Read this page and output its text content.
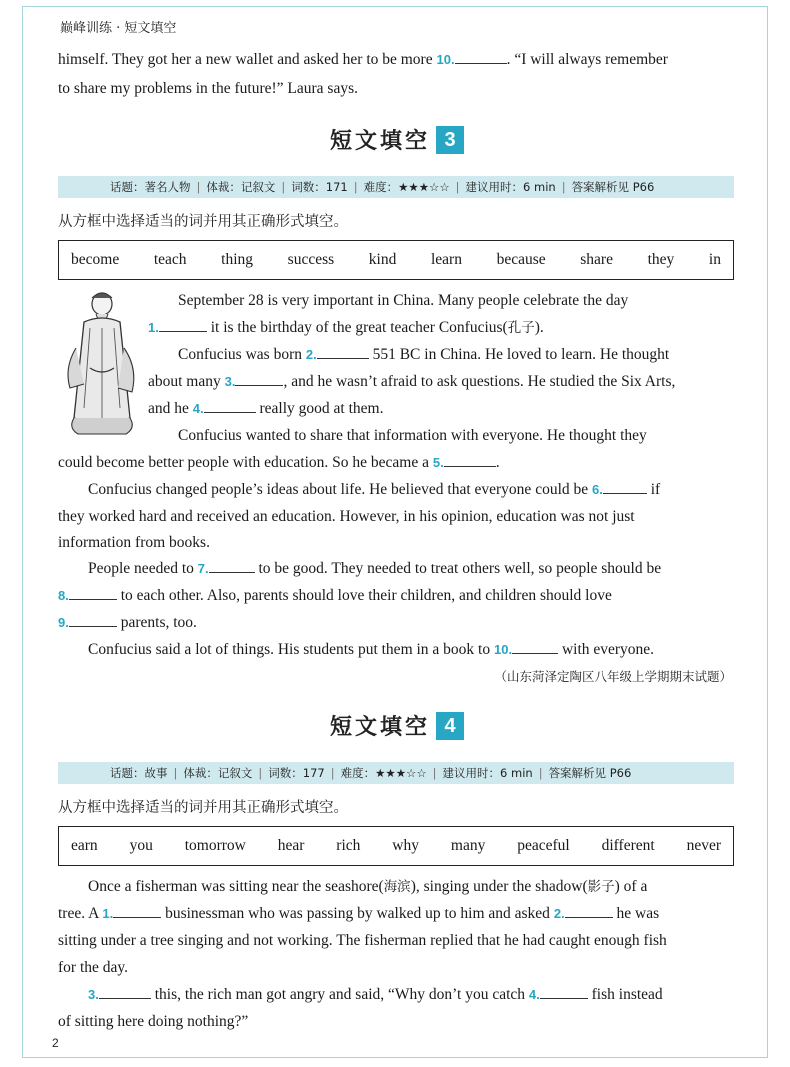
巅峰训练 · 短文填空
himself. They got her a new wallet and asked her to be more 10.	. “I will always remember
to share my problems in the future!” Laura says.
短文填空 3
话题：著名人物 | 体裁：记叙文 | 词数：171 | 难度：★★★☆☆ | 建议用时：6 min | 答案解析见 P66
从方框中选择适当的词并用其正确形式填空。
become teach thing success kind learn because share they in
September 28 is very important in China. Many people celebrate the day
1.	it is the birthday of the great teacher Confucius(孔子).
Confucius was born 2.	551 BC in China. He loved to learn. He thought
about many 3.	, and he wasn’t afraid to ask questions. He studied the Six Arts,
and he 4.	really good at them.
Confucius wanted to share that information with everyone. He thought they
could become better people with education. So he became a 5.	.
Confucius changed people’s ideas about life. He believed that everyone could be 6.	if
they worked hard and received an education. However, in his opinion, education was not just
information from books.
People needed to 7.	to be good. They needed to treat others well, so people should be
8.	to each other. Also, parents should love their children, and children should love
9.	parents, too.
Confucius said a lot of things. His students put them in a book to 10.	with everyone.
（山东菏泽定陶区八年级上学期期末试题）
短文填空 4
话题：故事 | 体裁：记叙文 | 词数：177 | 难度：★★★☆☆ | 建议用时：6 min | 答案解析见 P66
从方框中选择适当的词并用其正确形式填空。
earn you tomorrow hear rich why many peaceful different never
Once a fisherman was sitting near the seashore(海滨), singing under the shadow(影子) of a
tree. A 1.	businessman who was passing by walked up to him and asked 2.	he was
sitting under a tree singing and not working. The fisherman replied that he had caught enough fish
for the day.
3.	this, the rich man got angry and said, “Why don’t you catch 4.	fish instead
of sitting here doing nothing?”
2
